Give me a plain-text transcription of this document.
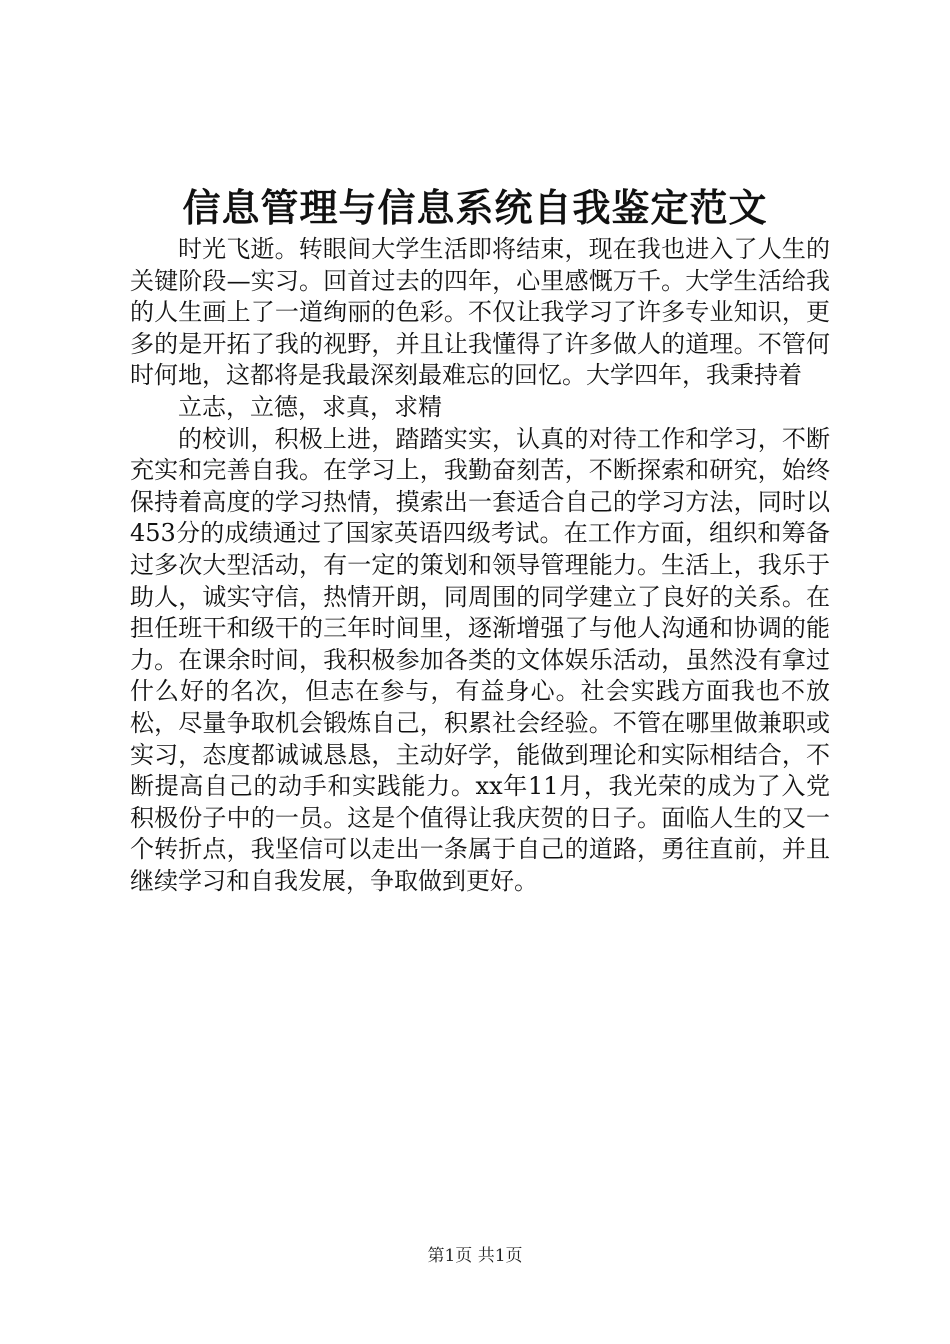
信息管理与信息系统自我鉴定范文

时光飞逝。转眼间大学生活即将结束，现在我也进入了人生的关键阶段—实习。回首过去的四年，心里感慨万千。大学生活给我的人生画上了一道绚丽的色彩。不仅让我学习了许多专业知识，更多的是开拓了我的视野，并且让我懂得了许多做人的道理。不管何时何地，这都将是我最深刻最难忘的回忆。大学四年，我秉持着

立志，立德，求真，求精

的校训，积极上进，踏踏实实，认真的对待工作和学习，不断充实和完善自我。在学习上，我勤奋刻苦，不断探索和研究，始终保持着高度的学习热情，摸索出一套适合自己的学习方法，同时以453分的成绩通过了国家英语四级考试。在工作方面，组织和筹备过多次大型活动，有一定的策划和领导管理能力。生活上，我乐于助人，诚实守信，热情开朗，同周围的同学建立了良好的关系。在担任班干和级干的三年时间里，逐渐增强了与他人沟通和协调的能力。在课余时间，我积极参加各类的文体娱乐活动，虽然没有拿过什么好的名次，但志在参与，有益身心。社会实践方面我也不放松，尽量争取机会锻炼自己，积累社会经验。不管在哪里做兼职或实习，态度都诚诚恳恳，主动好学，能做到理论和实际相结合，不断提高自己的动手和实践能力。xx年11月，我光荣的成为了入党积极份子中的一员。这是个值得让我庆贺的日子。面临人生的又一个转折点，我坚信可以走出一条属于自己的道路，勇往直前，并且继续学习和自我发展，争取做到更好。

第1页 共1页
